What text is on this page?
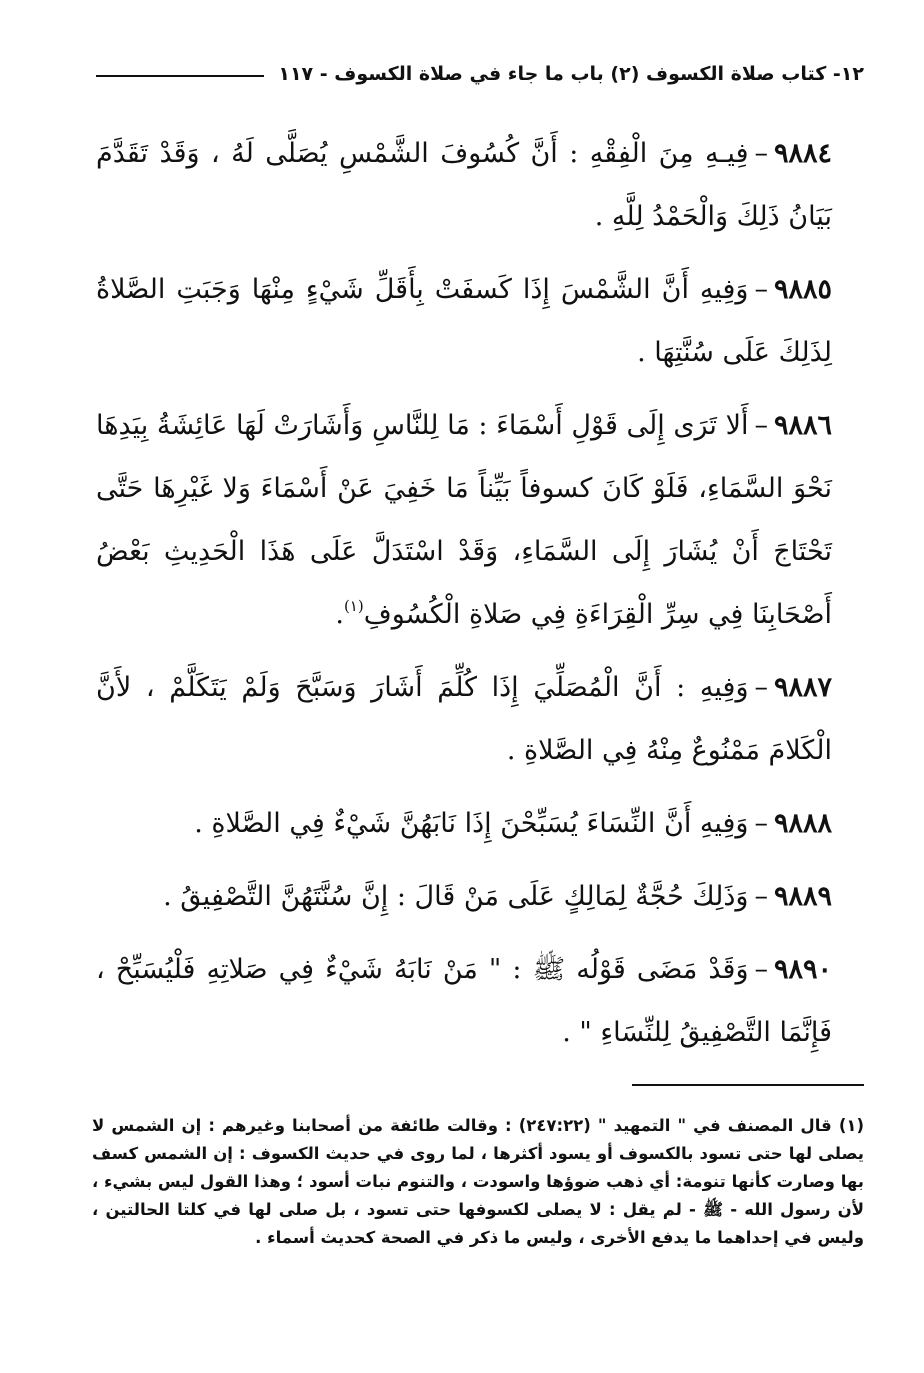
١٢- كتاب صلاة الكسوف (٢) باب ما جاء في صلاة الكسوف - ١١٧

٩٨٨٤–فِيـهِ مِنَ الْفِقْهِ : أَنَّ كُسُوفَ الشَّمْسِ يُصَلَّى لَهُ ، وَقَدْ تَقَدَّمَ بَيَانُ ذَلِكَ وَالْحَمْدُ لِلَّهِ .

٩٨٨٥–وَفِيهِ أَنَّ الشَّمْسَ إِذَا كَسفَتْ بِأَقَلِّ شَيْءٍ مِنْهَا وَجَبَتِ الصَّلاةُ لِذَلِكَ عَلَى سُنَّتِهَا .

٩٨٨٦–أَلا تَرَى إِلَى قَوْلِ أَسْمَاءَ : مَا لِلنَّاسِ وَأَشَارَتْ لَهَا عَائِشَةُ بِيَدِهَا نَحْوَ السَّمَاءِ، فَلَوْ كَانَ كسوفاً بَيِّناً مَا خَفِيَ عَنْ أَسْمَاءَ وَلا غَيْرِهَا حَتَّى تَحْتَاجَ أَنْ يُشَارَ إِلَى السَّمَاءِ، وَقَدْ اسْتَدَلَّ عَلَى هَذَا الْحَدِيثِ بَعْضُ أَصْحَابِنَا فِي سِرِّ الْقِرَاءَةِ فِي صَلاةِ الْكُسُوفِ$^{(١)}$.

٩٨٨٧–وَفِيهِ : أَنَّ الْمُصَلِّيَ إِذَا كُلِّمَ أَشَارَ وَسَبَّحَ وَلَمْ يَتَكَلَّمْ ، لأَنَّ الْكَلامَ مَمْنُوعٌ مِنْهُ فِي الصَّلاةِ .

٩٨٨٨–وَفِيهِ أَنَّ النِّسَاءَ يُسَبِّحْنَ إِذَا نَابَهُنَّ شَيْءٌ فِي الصَّلاةِ .

٩٨٨٩–وَذَلِكَ حُجَّةٌ لِمَالِكٍ عَلَى مَنْ قَالَ : إِنَّ سُنَّتَهُنَّ التَّصْفِيقُ .

٩٨٩٠–وَقَدْ مَضَى قَوْلُه ﷺ : " مَنْ نَابَهُ شَيْءٌ فِي صَلاتِهِ فَلْيُسَبِّحْ ، فَإِنَّمَا التَّصْفِيقُ لِلنِّسَاءِ " .

(١) قال المصنف في " التمهيد " (٢٤٧:٢٢) : وقالت طائفة من أصحابنا وغيرهم : إن الشمس لا يصلى لها حتى تسود بالكسوف أو يسود أكثرها ، لما روى في حديث الكسوف : إن الشمس كسف بها وصارت كأنها تنومة: أي ذهب ضوؤها واسودت ، والتنوم نبات أسود ؛ وهذا القول ليس بشيء ، لأن رسول الله - ﷺ - لم يقل : لا يصلى لكسوفها حتى تسود ، بل صلى لها في كلتا الحالتين ، وليس في إحداهما ما يدفع الأخرى ، وليس ما ذكر في الصحة كحديث أسماء .
